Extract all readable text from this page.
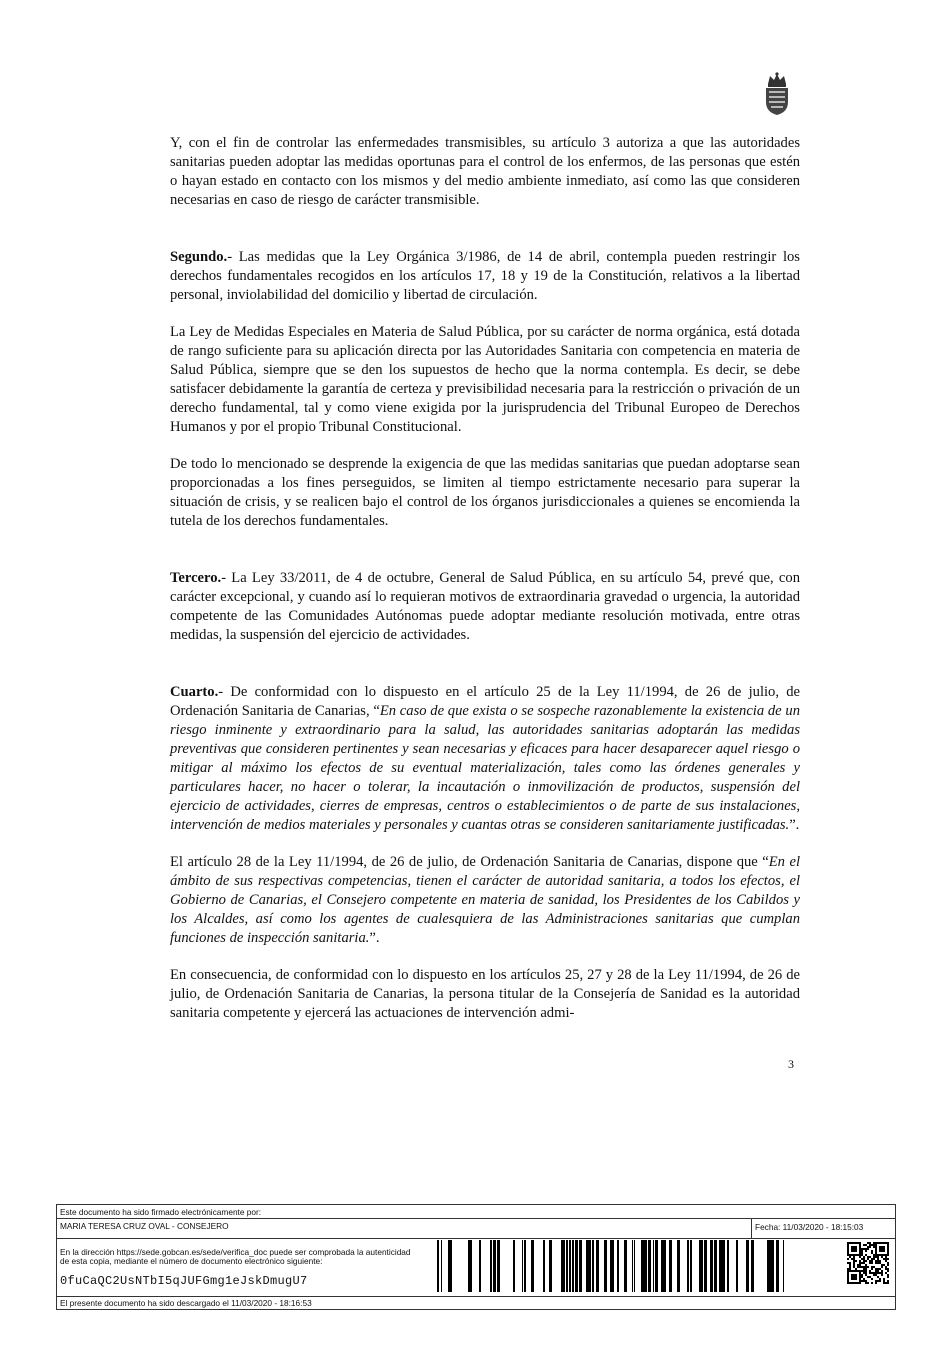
Y, con el fin de controlar las enfermedades transmisibles, su artículo 3 autoriza a que las autoridades sanitarias pueden adoptar las medidas oportunas para el control de los enfermos, de las personas que estén o hayan estado en contacto con los mismos y del medio ambiente inmediato, así como las que consideren necesarias en caso de riesgo de carácter transmisible.

Segundo.- Las medidas que la Ley Orgánica 3/1986, de 14 de abril, contempla pueden restringir los derechos fundamentales recogidos en los artículos 17, 18 y 19 de la Constitución, relativos a la libertad personal, inviolabilidad del domicilio y libertad de circulación.

La Ley de Medidas Especiales en Materia de Salud Pública, por su carácter de norma orgánica, está dotada de rango suficiente para su aplicación directa por las Autoridades Sanitaria con competencia en materia de Salud Pública, siempre que se den los supuestos de hecho que la norma contempla. Es decir, se debe satisfacer debidamente la garantía de certeza y previsibilidad necesaria para la restricción o privación de un derecho fundamental, tal y como viene exigida por la jurisprudencia del Tribunal Europeo de Derechos Humanos y por el propio Tribunal Constitucional.

De todo lo mencionado se desprende la exigencia de que las medidas sanitarias que puedan adoptarse sean proporcionadas a los fines perseguidos, se limiten al tiempo estrictamente necesario para superar la situación de crisis, y se realicen bajo el control de los órganos jurisdiccionales a quienes se encomienda la tutela de los derechos fundamentales.

Tercero.- La Ley 33/2011, de 4 de octubre, General de Salud Pública, en su artículo 54, prevé que, con carácter excepcional, y cuando así lo requieran motivos de extraordinaria gravedad o urgencia, la autoridad competente de las Comunidades Autónomas puede adoptar mediante resolución motivada, entre otras medidas, la suspensión del ejercicio de actividades.

Cuarto.- De conformidad con lo dispuesto en el artículo 25 de la Ley 11/1994, de 26 de julio, de Ordenación Sanitaria de Canarias, “En caso de que exista o se sospeche razonablemente la existencia de un riesgo inminente y extraordinario para la salud, las autoridades sanitarias adoptarán las medidas preventivas que consideren pertinentes y sean necesarias y eficaces para hacer desaparecer aquel riesgo o mitigar al máximo los efectos de su eventual materialización, tales como las órdenes generales y particulares hacer, no hacer o tolerar, la incautación o inmovilización de productos, suspensión del ejercicio de actividades, cierres de empresas, centros o establecimientos o de parte de sus instalaciones, intervención de medios materiales y personales y cuantas otras se consideren sanitariamente justificadas.”.

El artículo 28 de la Ley 11/1994, de 26 de julio, de Ordenación Sanitaria de Canarias, dispone que “En el ámbito de sus respectivas competencias, tienen el carácter de autoridad sanitaria, a todos los efectos, el Gobierno de Canarias, el Consejero competente en materia de sanidad, los Presidentes de los Cabildos y los Alcaldes, así como los agentes de cualesquiera de las Administraciones sanitarias que cumplan funciones de inspección sanitaria.”.

En consecuencia, de conformidad con lo dispuesto en los artículos 25, 27 y 28 de la Ley 11/1994, de 26 de julio, de Ordenación Sanitaria de Canarias, la persona titular de la Consejería de Sanidad es la autoridad sanitaria competente y ejercerá las actuaciones de intervención admi-

3
Este documento ha sido firmado electrónicamente por:
MARIA TERESA CRUZ OVAL - CONSEJERO	Fecha: 11/03/2020 - 18:15:03
En la dirección https://sede.gobcan.es/sede/verifica_doc puede ser comprobada la autenticidad de esta copia, mediante el número de documento electrónico siguiente:
0fuCaQC2UsNTbI5qJUFGmg1eJskDmugU7
El presente documento ha sido descargado el 11/03/2020 - 18:16:53
